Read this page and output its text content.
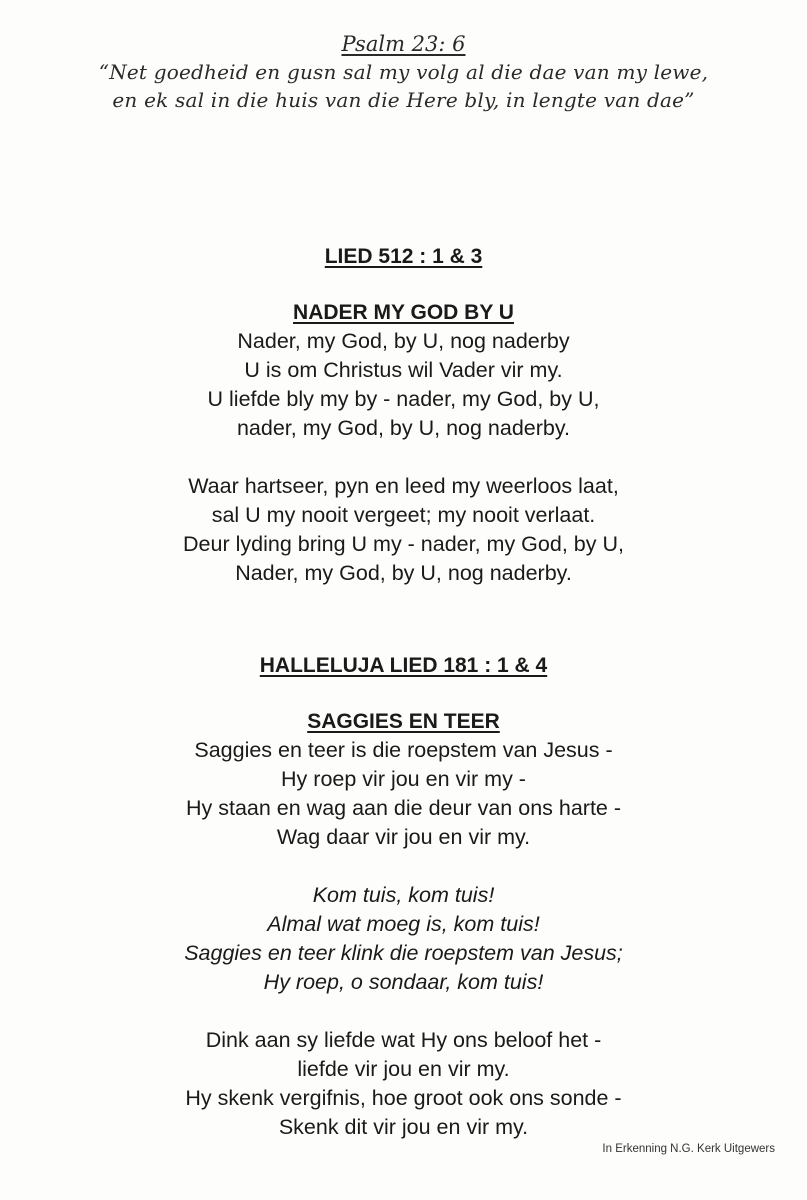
Psalm 23: 6
“Net goedheid en gusn sal my volg al die dae van my lewe,
en ek sal in die huis van die Here bly, in lengte van dae”
LIED 512 : 1 & 3
NADER MY GOD BY U
Nader, my God, by U, nog naderby
U is om Christus wil Vader vir my.
U liefde bly my by - nader, my God, by U,
nader, my God, by U, nog naderby.
Waar hartseer, pyn en leed my weerloos laat,
sal U my nooit vergeet; my nooit verlaat.
Deur lyding bring U my - nader, my God, by U,
Nader, my God, by U, nog naderby.
HALLELUJA LIED 181 : 1 & 4
SAGGIES EN TEER
Saggies en teer is die roepstem van Jesus -
Hy roep vir jou en vir my -
Hy staan en wag aan die deur van ons harte -
Wag daar vir jou en vir my.
Kom tuis, kom tuis!
Almal wat moeg is, kom tuis!
Saggies en teer klink die roepstem van Jesus;
Hy roep, o sondaar, kom tuis!
Dink aan sy liefde wat Hy ons beloof het -
liefde vir jou en vir my.
Hy skenk vergifnis, hoe groot ook ons sonde -
Skenk dit vir jou en vir my.
In Erkenning N.G. Kerk Uitgewers
